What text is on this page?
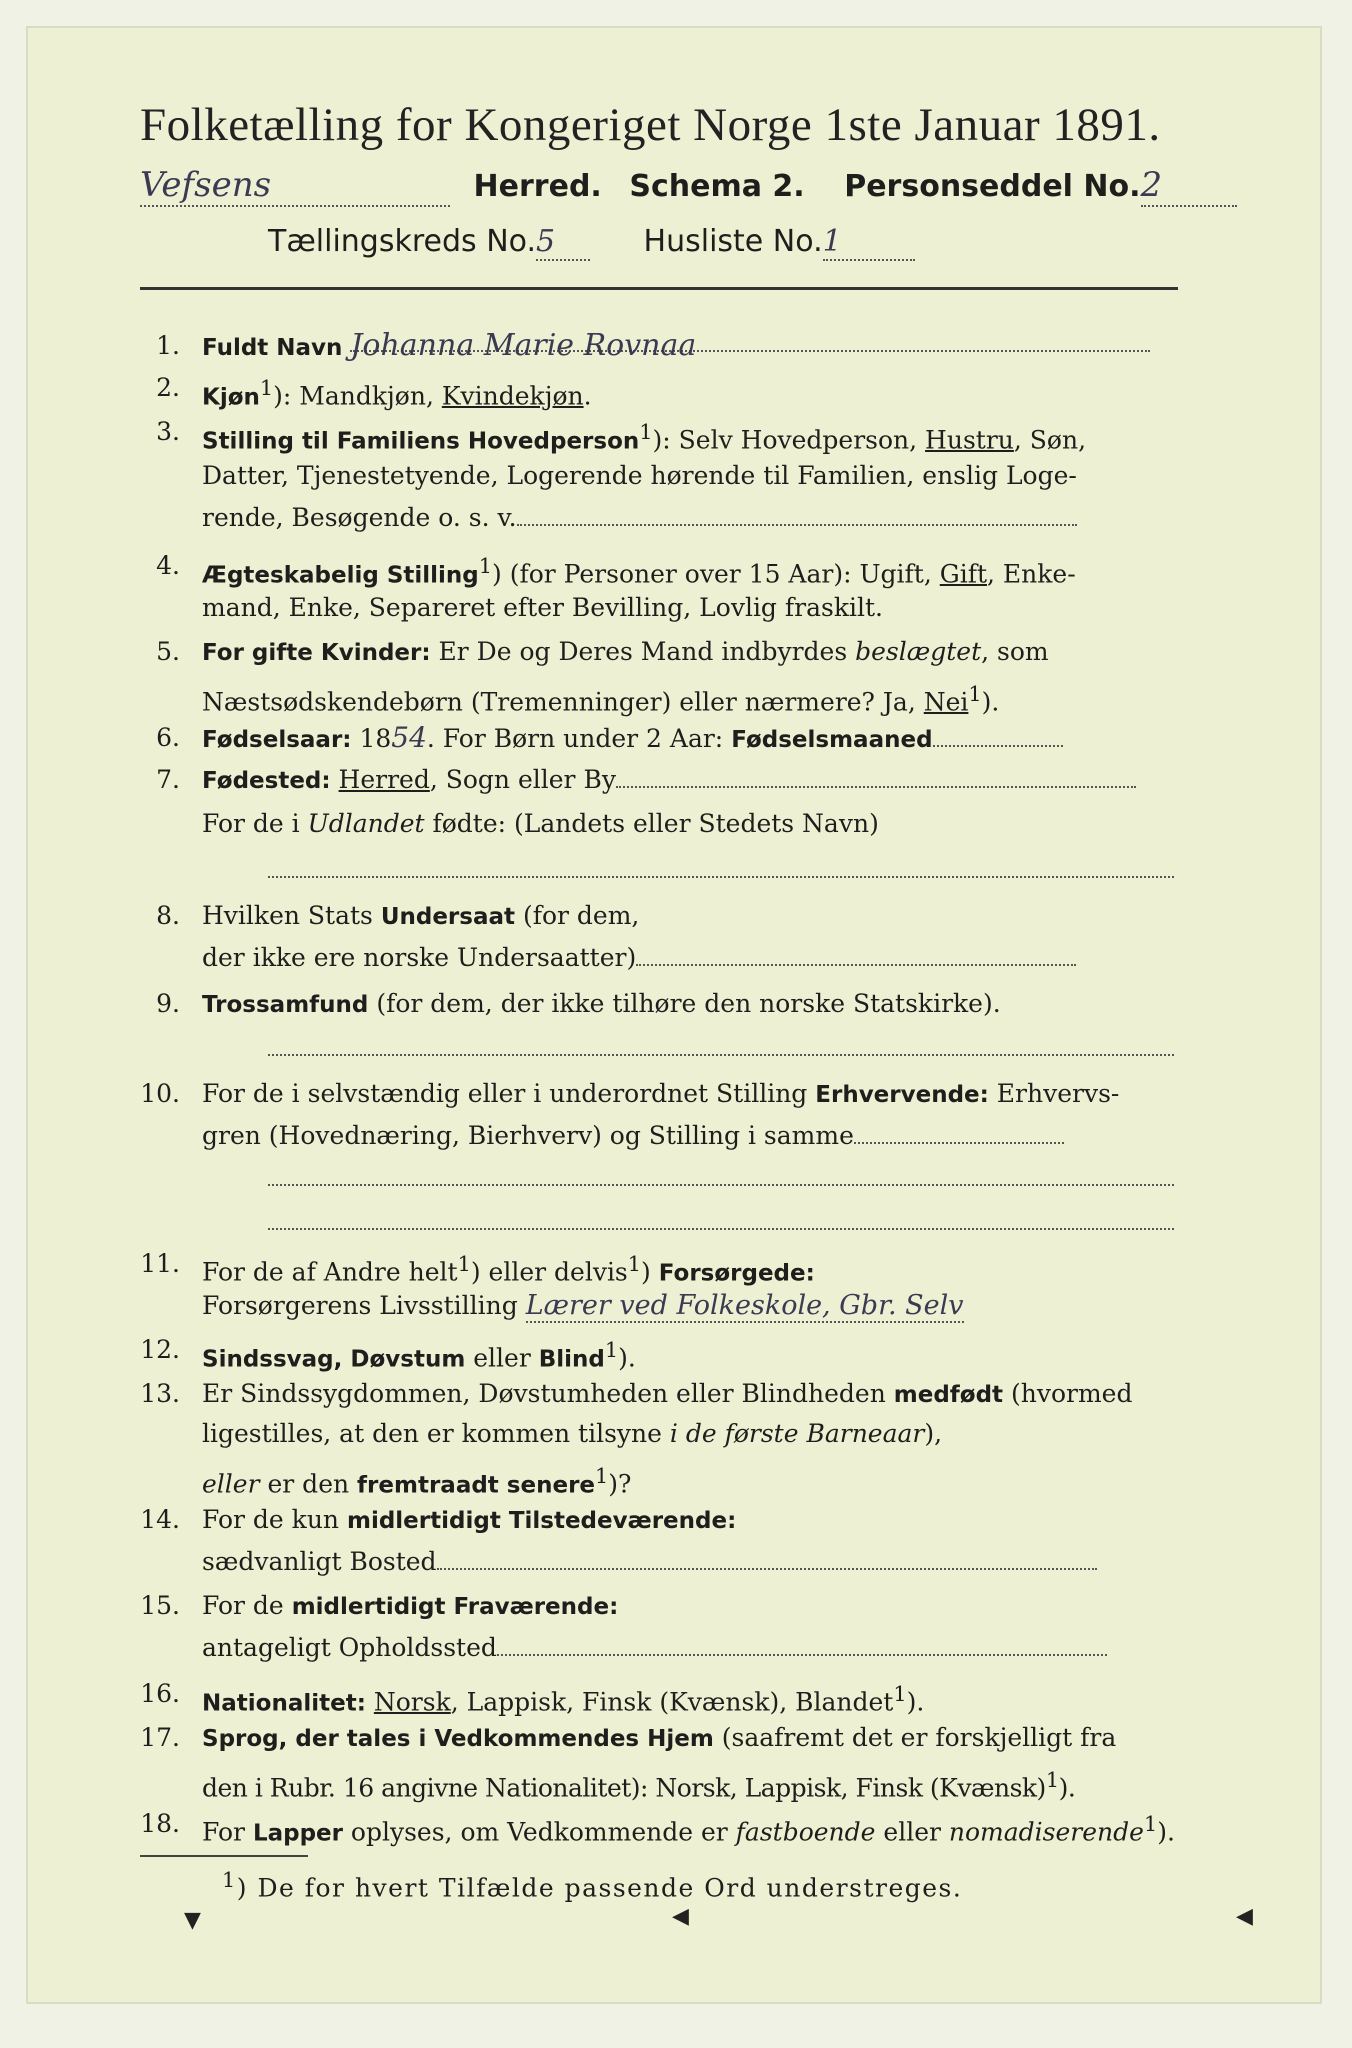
Folketælling for Kongeriget Norge 1ste Januar 1891.
Vefsens	Herred. Schema 2. Personseddel No.2
Tællingskreds No.5	Husliste No.1
1. Fuldt Navn Johanna Marie Rovnaa
2. Kjøn$^1$): Mandkjøn, Kvindekjøn.
3. Stilling til Familiens Hovedperson$^1$): Selv Hovedperson, Hustru, Søn,
Datter, Tjenestetyende, Logerende hørende til Familien, enslig Loge-
rende, Besøgende o. s. v.
4. Ægteskabelig Stilling$^1$) (for Personer over 15 Aar): Ugift, Gift, Enke-
mand, Enke, Separeret efter Bevilling, Lovlig fraskilt.
5. For gifte Kvinder: Er De og Deres Mand indbyrdes beslægtet, som
Næstsødskendebørn (Tremenninger) eller nærmere? Ja, Nei$^1$).
6. Fødselsaar: 1854. For Børn under 2 Aar: Fødselsmaaned
7. Fødested: Herred, Sogn eller By
For de i Udlandet fødte: (Landets eller Stedets Navn)
8. Hvilken Stats Undersaat (for dem,
der ikke ere norske Undersaatter)
9. Trossamfund (for dem, der ikke tilhøre den norske Statskirke).
10. For de i selvstændig eller i underordnet Stilling Erhvervende: Erhvervs-
gren (Hovednæring, Bierhverv) og Stilling i samme
11. For de af Andre helt$^1$) eller delvis$^1$) Forsørgede:
Forsørgerens Livsstilling Lærer ved Folkeskole, Gbr. Selv
12. Sindssvag, Døvstum eller Blind$^1$).
13. Er Sindssygdommen, Døvstumheden eller Blindheden medfødt (hvormed
ligestilles, at den er kommen tilsyne i de første Barneaar),
eller er den fremtraadt senere$^1$)?
14. For de kun midlertidigt Tilstedeværende:
sædvanligt Bosted
15. For de midlertidigt Fraværende:
antageligt Opholdssted
16. Nationalitet: Norsk, Lappisk, Finsk (Kvænsk), Blandet$^1$).
17. Sprog, der tales i Vedkommendes Hjem (saafremt det er forskjelligt fra
den i Rubr. 16 angivne Nationalitet): Norsk, Lappisk, Finsk (Kvænsk)$^1$).
18. For Lapper oplyses, om Vedkommende er fastboende eller nomadiserende$^1$).
$^1$) De for hvert Tilfælde passende Ord understreges.
▼	◀	◀
